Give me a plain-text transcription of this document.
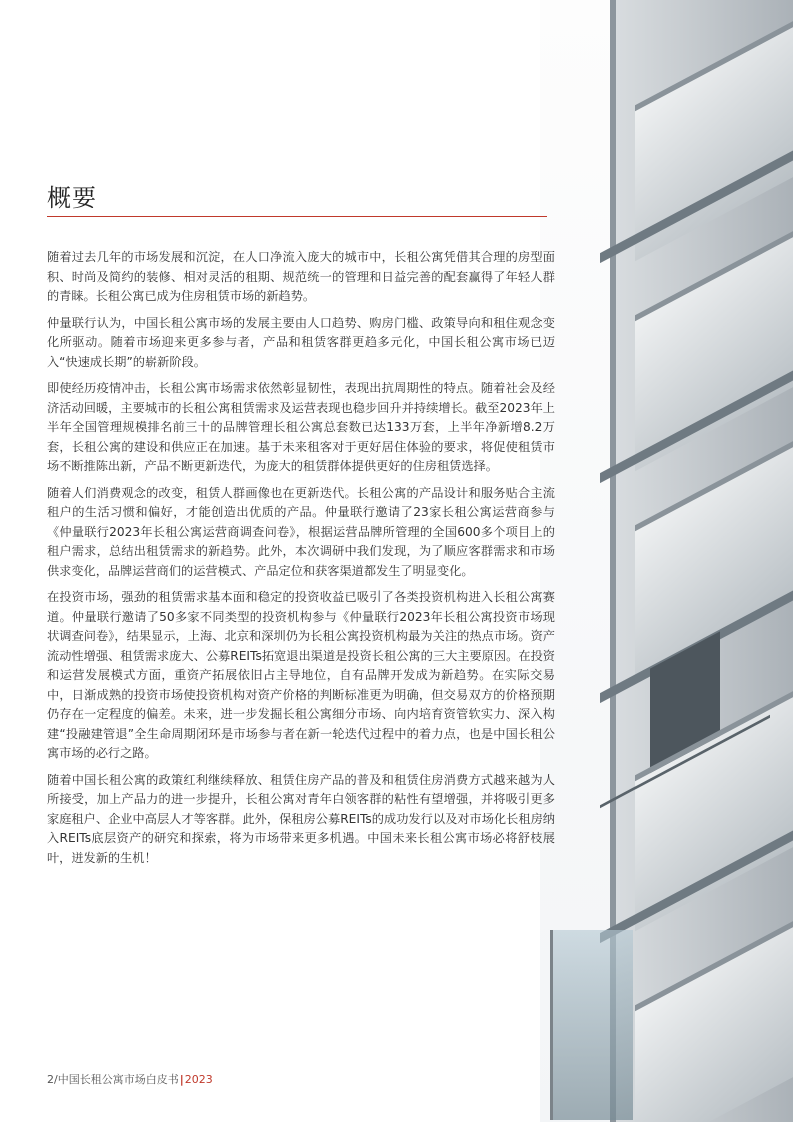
概要

随着过去几年的市场发展和沉淀，在人口净流入庞大的城市中，长租公寓凭借其合理的房型面积、时尚及简约的装修、相对灵活的租期、规范统一的管理和日益完善的配套赢得了年轻人群的青睐。长租公寓已成为住房租赁市场的新趋势。

仲量联行认为，中国长租公寓市场的发展主要由人口趋势、购房门槛、政策导向和租住观念变化所驱动。随着市场迎来更多参与者，产品和租赁客群更趋多元化，中国长租公寓市场已迈入“快速成长期”的崭新阶段。

即使经历疫情冲击，长租公寓市场需求依然彰显韧性，表现出抗周期性的特点。随着社会及经济活动回暖，主要城市的长租公寓租赁需求及运营表现也稳步回升并持续增长。截至2023年上半年全国管理规模排名前三十的品牌管理长租公寓总套数已达133万套，上半年净新增8.2万套，长租公寓的建设和供应正在加速。基于未来租客对于更好居住体验的要求，将促使租赁市场不断推陈出新，产品不断更新迭代，为庞大的租赁群体提供更好的住房租赁选择。

随着人们消费观念的改变，租赁人群画像也在更新迭代。长租公寓的产品设计和服务贴合主流租户的生活习惯和偏好，才能创造出优质的产品。仲量联行邀请了23家长租公寓运营商参与《仲量联行2023年长租公寓运营商调查问卷》，根据运营品牌所管理的全国600多个项目上的租户需求，总结出租赁需求的新趋势。此外，本次调研中我们发现，为了顺应客群需求和市场供求变化，品牌运营商们的运营模式、产品定位和获客渠道都发生了明显变化。

在投资市场，强劲的租赁需求基本面和稳定的投资收益已吸引了各类投资机构进入长租公寓赛道。仲量联行邀请了50多家不同类型的投资机构参与《仲量联行2023年长租公寓投资市场现状调查问卷》，结果显示，上海、北京和深圳仍为长租公寓投资机构最为关注的热点市场。资产流动性增强、租赁需求庞大、公募REITs拓宽退出渠道是投资长租公寓的三大主要原因。在投资和运营发展模式方面，重资产拓展依旧占主导地位，自有品牌开发成为新趋势。在实际交易中，日渐成熟的投资市场使投资机构对资产价格的判断标准更为明确，但交易双方的价格预期仍存在一定程度的偏差。未来，进一步发掘长租公寓细分市场、向内培育资管软实力、深入构建“投融建管退”全生命周期闭环是市场参与者在新一轮迭代过程中的着力点，也是中国长租公寓市场的必行之路。

随着中国长租公寓的政策红利继续释放、租赁住房产品的普及和租赁住房消费方式越来越为人所接受，加上产品力的进一步提升，长租公寓对青年白领客群的粘性有望增强，并将吸引更多家庭租户、企业中高层人才等客群。此外，保租房公募REITs的成功发行以及对市场化长租房纳入REITs底层资产的研究和探索，将为市场带来更多机遇。中国未来长租公寓市场必将舒枝展叶，迸发新的生机！

2/中国长租公寓市场白皮书|2023
